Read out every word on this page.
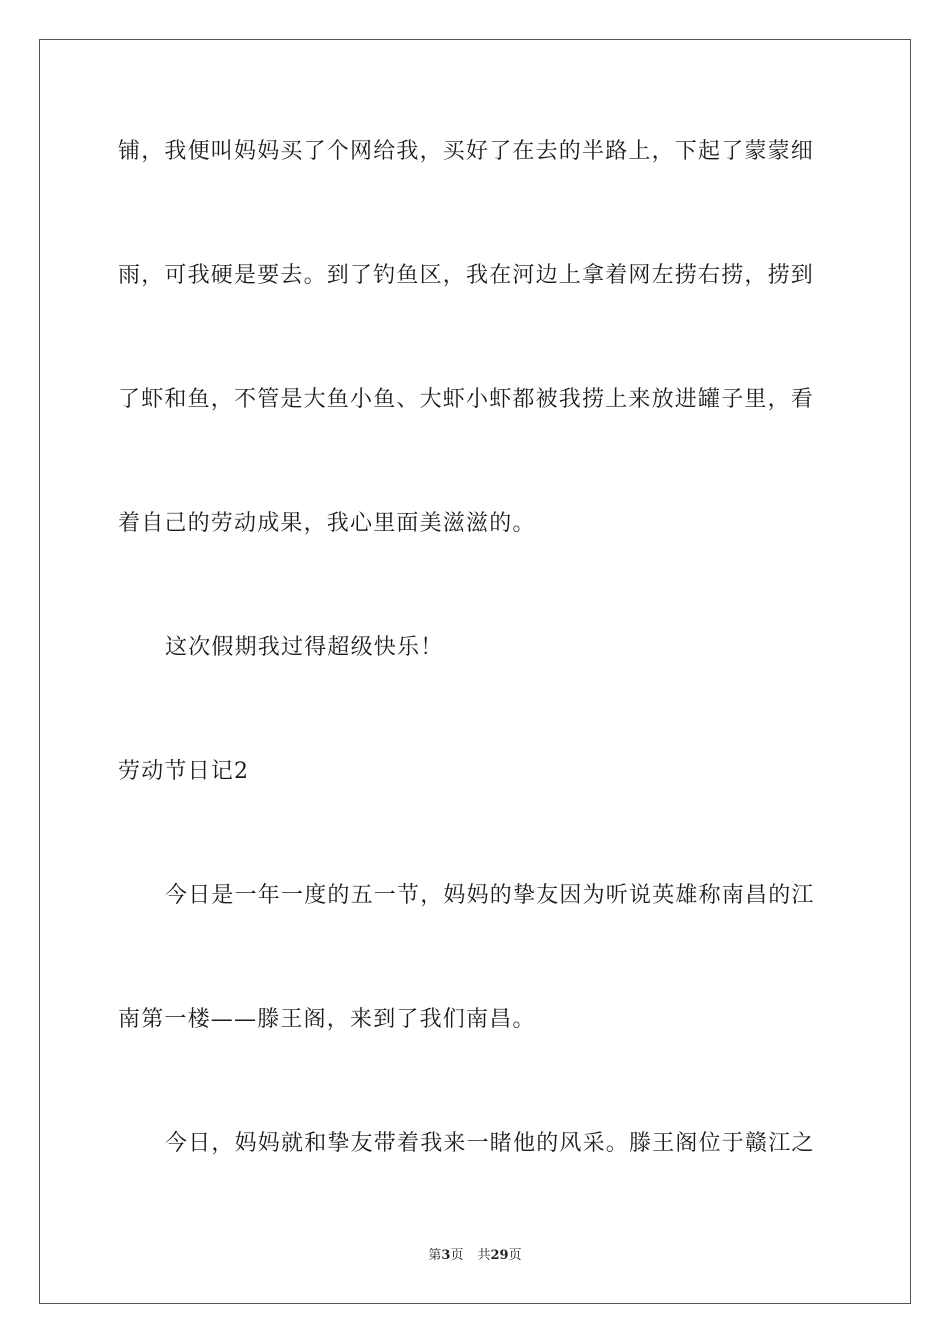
铺，我便叫妈妈买了个网给我，买好了在去的半路上，下起了蒙蒙细
雨，可我硬是要去。到了钓鱼区，我在河边上拿着网左捞右捞，捞到
了虾和鱼，不管是大鱼小鱼、大虾小虾都被我捞上来放进罐子里，看
着自己的劳动成果，我心里面美滋滋的。
这次假期我过得超级快乐！
劳动节日记2
今日是一年一度的五一节，妈妈的挚友因为听说英雄称南昌的江
南第一楼——滕王阁，来到了我们南昌。
今日，妈妈就和挚友带着我来一睹他的风采。滕王阁位于赣江之
第3页 共29页
